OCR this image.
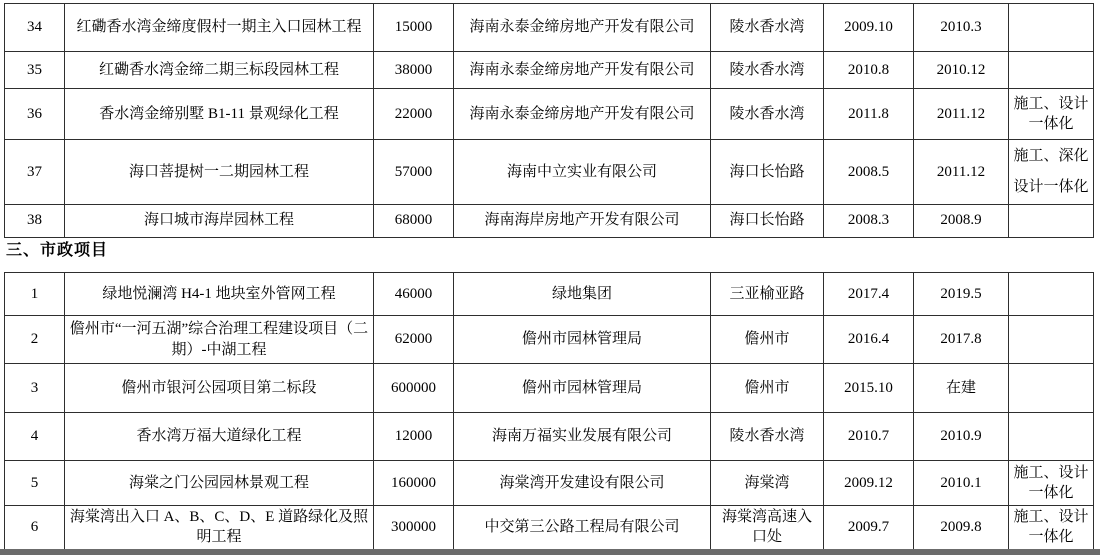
34	红磡香水湾金缔度假村一期主入口园林工程	15000	海南永泰金缔房地产开发有限公司	陵水香水湾	2009.10	2010.3	
35	红磡香水湾金缔二期三标段园林工程	38000	海南永泰金缔房地产开发有限公司	陵水香水湾	2010.8	2010.12	
36	香水湾金缔别墅 B1-11 景观绿化工程	22000	海南永泰金缔房地产开发有限公司	陵水香水湾	2011.8	2011.12	施工、设计一体化
37	海口菩提树一二期园林工程	57000	海南中立实业有限公司	海口长怡路	2008.5	2011.12	施工、深化设计一体化
38	海口城市海岸园林工程	68000	海南海岸房地产开发有限公司	海口长怡路	2008.3	2008.9	
三、市政项目
1	绿地悦澜湾 H4-1 地块室外管网工程	46000	绿地集团	三亚榆亚路	2017.4	2019.5	
2	儋州市“一河五湖”综合治理工程建设项目（二期）-中湖工程	62000	儋州市园林管理局	儋州市	2016.4	2017.8	
3	儋州市银河公园项目第二标段	600000	儋州市园林管理局	儋州市	2015.10	在建	
4	香水湾万福大道绿化工程	12000	海南万福实业发展有限公司	陵水香水湾	2010.7	2010.9	
5	海棠之门公园园林景观工程	160000	海棠湾开发建设有限公司	海棠湾	2009.12	2010.1	施工、设计一体化
6	海棠湾出入口 A、B、C、D、E 道路绿化及照明工程	300000	中交第三公路工程局有限公司	海棠湾高速入口处	2009.7	2009.8	施工、设计一体化
